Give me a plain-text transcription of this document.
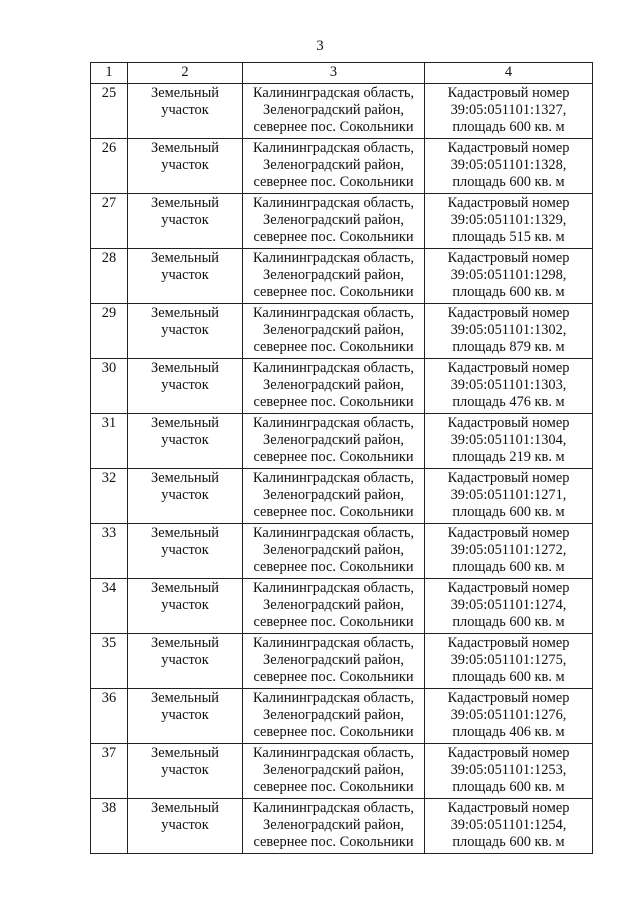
3
1	2	3	4
25	Земельный
участок	Калининградская область,
Зеленоградский район,
севернее пос. Сокольники	Кадастровый номер
39:05:051101:1327,
площадь 600 кв. м

26	Земельный
участок	Калининградская область,
Зеленоградский район,
севернее пос. Сокольники	Кадастровый номер
39:05:051101:1328,
площадь 600 кв. м

27	Земельный
участок	Калининградская область,
Зеленоградский район,
севернее пос. Сокольники	Кадастровый номер
39:05:051101:1329,
площадь 515 кв. м

28	Земельный
участок	Калининградская область,
Зеленоградский район,
севернее пос. Сокольники	Кадастровый номер
39:05:051101:1298,
площадь 600 кв. м

29	Земельный
участок	Калининградская область,
Зеленоградский район,
севернее пос. Сокольники	Кадастровый номер
39:05:051101:1302,
площадь 879 кв. м

30	Земельный
участок	Калининградская область,
Зеленоградский район,
севернее пос. Сокольники	Кадастровый номер
39:05:051101:1303,
площадь 476 кв. м

31	Земельный
участок	Калининградская область,
Зеленоградский район,
севернее пос. Сокольники	Кадастровый номер
39:05:051101:1304,
площадь 219 кв. м

32	Земельный
участок	Калининградская область,
Зеленоградский район,
севернее пос. Сокольники	Кадастровый номер
39:05:051101:1271,
площадь 600 кв. м

33	Земельный
участок	Калининградская область,
Зеленоградский район,
севернее пос. Сокольники	Кадастровый номер
39:05:051101:1272,
площадь 600 кв. м

34	Земельный
участок	Калининградская область,
Зеленоградский район,
севернее пос. Сокольники	Кадастровый номер
39:05:051101:1274,
площадь 600 кв. м

35	Земельный
участок	Калининградская область,
Зеленоградский район,
севернее пос. Сокольники	Кадастровый номер
39:05:051101:1275,
площадь 600 кв. м

36	Земельный
участок	Калининградская область,
Зеленоградский район,
севернее пос. Сокольники	Кадастровый номер
39:05:051101:1276,
площадь 406 кв. м

37	Земельный
участок	Калининградская область,
Зеленоградский район,
севернее пос. Сокольники	Кадастровый номер
39:05:051101:1253,
площадь 600 кв. м

38	Земельный
участок	Калининградская область,
Зеленоградский район,
севернее пос. Сокольники	Кадастровый номер
39:05:051101:1254,
площадь 600 кв. м
